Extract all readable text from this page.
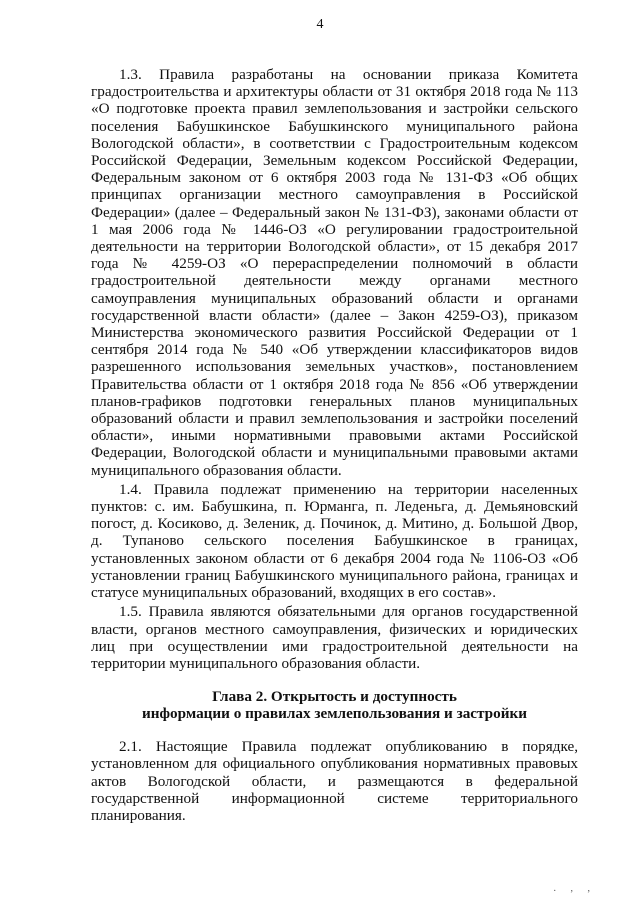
4

1.3. Правила разработаны на основании приказа Комитета градостроительства и архитектуры области от 31 октября 2018 года № 113 «О подготовке проекта правил землепользования и застройки сельского поселения Бабушкинское Бабушкинского муниципального района Вологодской области», в соответствии с Градостроительным кодексом Российской Федерации, Земельным кодексом Российской Федерации, Федеральным законом от 6 октября 2003 года № 131-ФЗ «Об общих принципах организации местного самоуправления в Российской Федерации» (далее – Федеральный закон № 131-ФЗ), законами области от 1 мая 2006 года № 1446-ОЗ «О регулировании градостроительной деятельности на территории Вологодской области», от 15 декабря 2017 года № 4259-ОЗ «О перераспределении полномочий в области градостроительной деятельности между органами местного самоуправления муниципальных образований области и органами государственной власти области» (далее – Закон 4259-ОЗ), приказом Министерства экономического развития Российской Федерации от 1 сентября 2014 года № 540 «Об утверждении классификаторов видов разрешенного использования земельных участков», постановлением Правительства области от 1 октября 2018 года № 856 «Об утверждении планов-графиков подготовки генеральных планов муниципальных образований области и правил землепользования и застройки поселений области», иными нормативными правовыми актами Российской Федерации, Вологодской области и муниципальными правовыми актами муниципального образования области.

1.4. Правила подлежат применению на территории населенных пунктов: с. им. Бабушкина, п. Юрманга, п. Леденьга, д. Демьяновский погост, д. Косиково, д. Зеленик, д. Починок, д. Митино, д. Большой Двор, д. Тупаново сельского поселения Бабушкинское в границах, установленных законом области от 6 декабря 2004 года № 1106-ОЗ «Об установлении границ Бабушкинского муниципального района, границах и статусе муниципальных образований, входящих в его состав».

1.5. Правила являются обязательными для органов государственной власти, органов местного самоуправления, физических и юридических лиц при осуществлении ими градостроительной деятельности на территории муниципального образования области.

Глава 2. Открытость и доступность
информации о правилах землепользования и застройки

2.1. Настоящие Правила подлежат опубликованию в порядке, установленном для официального опубликования нормативных правовых актов Вологодской области, и размещаются в федеральной государственной информационной системе территориального планирования.

. , ,
